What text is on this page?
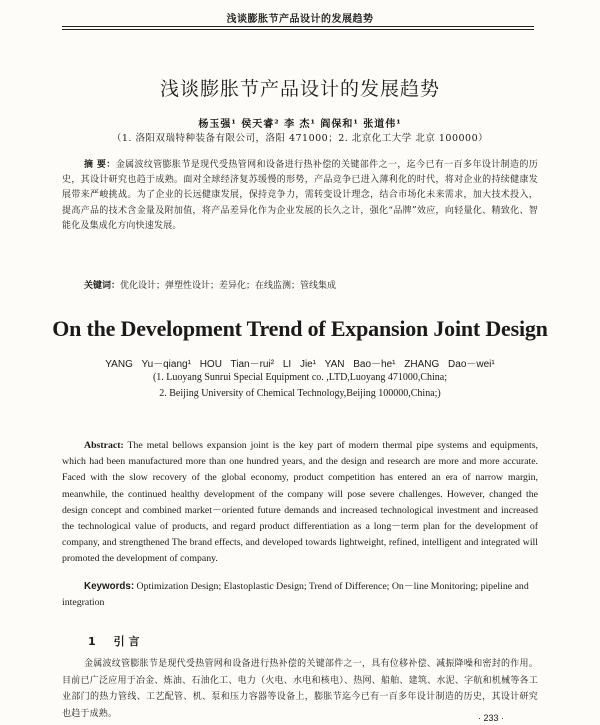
浅谈膨胀节产品设计的发展趋势
浅谈膨胀节产品设计的发展趋势
杨玉强¹ 侯天睿² 李 杰¹ 阎保和¹ 张道伟¹
（1. 洛阳双瑞特种装备有限公司，洛阳 471000；2. 北京化工大学 北京 100000）
摘 要：金属波纹管膨胀节是现代受热管网和设备进行热补偿的关键部件之一，迄今已有一百多年设计制造的历史，其设计研究也趋于成熟。面对全球经济复苏缓慢的形势，产品竞争已进入薄利化的时代，将对企业的持续健康发展带来严峻挑战。为了企业的长远健康发展，保持竞争力，需转变设计理念，结合市场化未来需求，加大技术投入，提高产品的技术含金量及附加值，将产品差异化作为企业发展的长久之计，强化“品牌”效应，向轻量化、精致化、智能化及集成化方向快速发展。
关键词：优化设计；弹塑性设计；差异化；在线监测；管线集成
On the Development Trend of Expansion Joint Design
YANG Yu－qiang¹ HOU Tian－rui² LI Jie¹ YAN Bao－he¹ ZHANG Dao－wei¹
(1. Luoyang Sunrui Special Equipment co. ,LTD,Luoyang 471000,China;
2. Beijing University of Chemical Technology,Beijing 100000,China;)
Abstract: The metal bellows expansion joint is the key part of modern thermal pipe systems and equipments, which had been manufactured more than one hundred years, and the design and research are more and more accurate. Faced with the slow recovery of the global economy, product competition has entered an era of narrow margin, meanwhile, the continued healthy development of the company will pose severe challenges. However, changed the design concept and combined market－oriented future demands and increased technological investment and increased the technological value of products, and regard product differentiation as a long－term plan for the development of company, and strengthened The brand effects, and developed towards lightweight, refined, intelligent and integrated will promoted the development of company.
Keywords: Optimization Design; Elastoplastic Design; Trend of Difference; On－line Monitoring; pipeline and integration
1 引 言
金属波纹管膨胀节是现代受热管网和设备进行热补偿的关键部件之一，具有位移补偿、减振降噪和密封的作用。目前已广泛应用于冶金、炼油、石油化工、电力（火电、水电和核电）、热网、船舶、建筑、水泥、字航和机械等各工业部门的热力管线、工艺配管、机、泵和压力容器等设备上，膨胀节迄今已有一百多年设计制造的历史，其设计研究也趋于成熟。	· 233 ·
